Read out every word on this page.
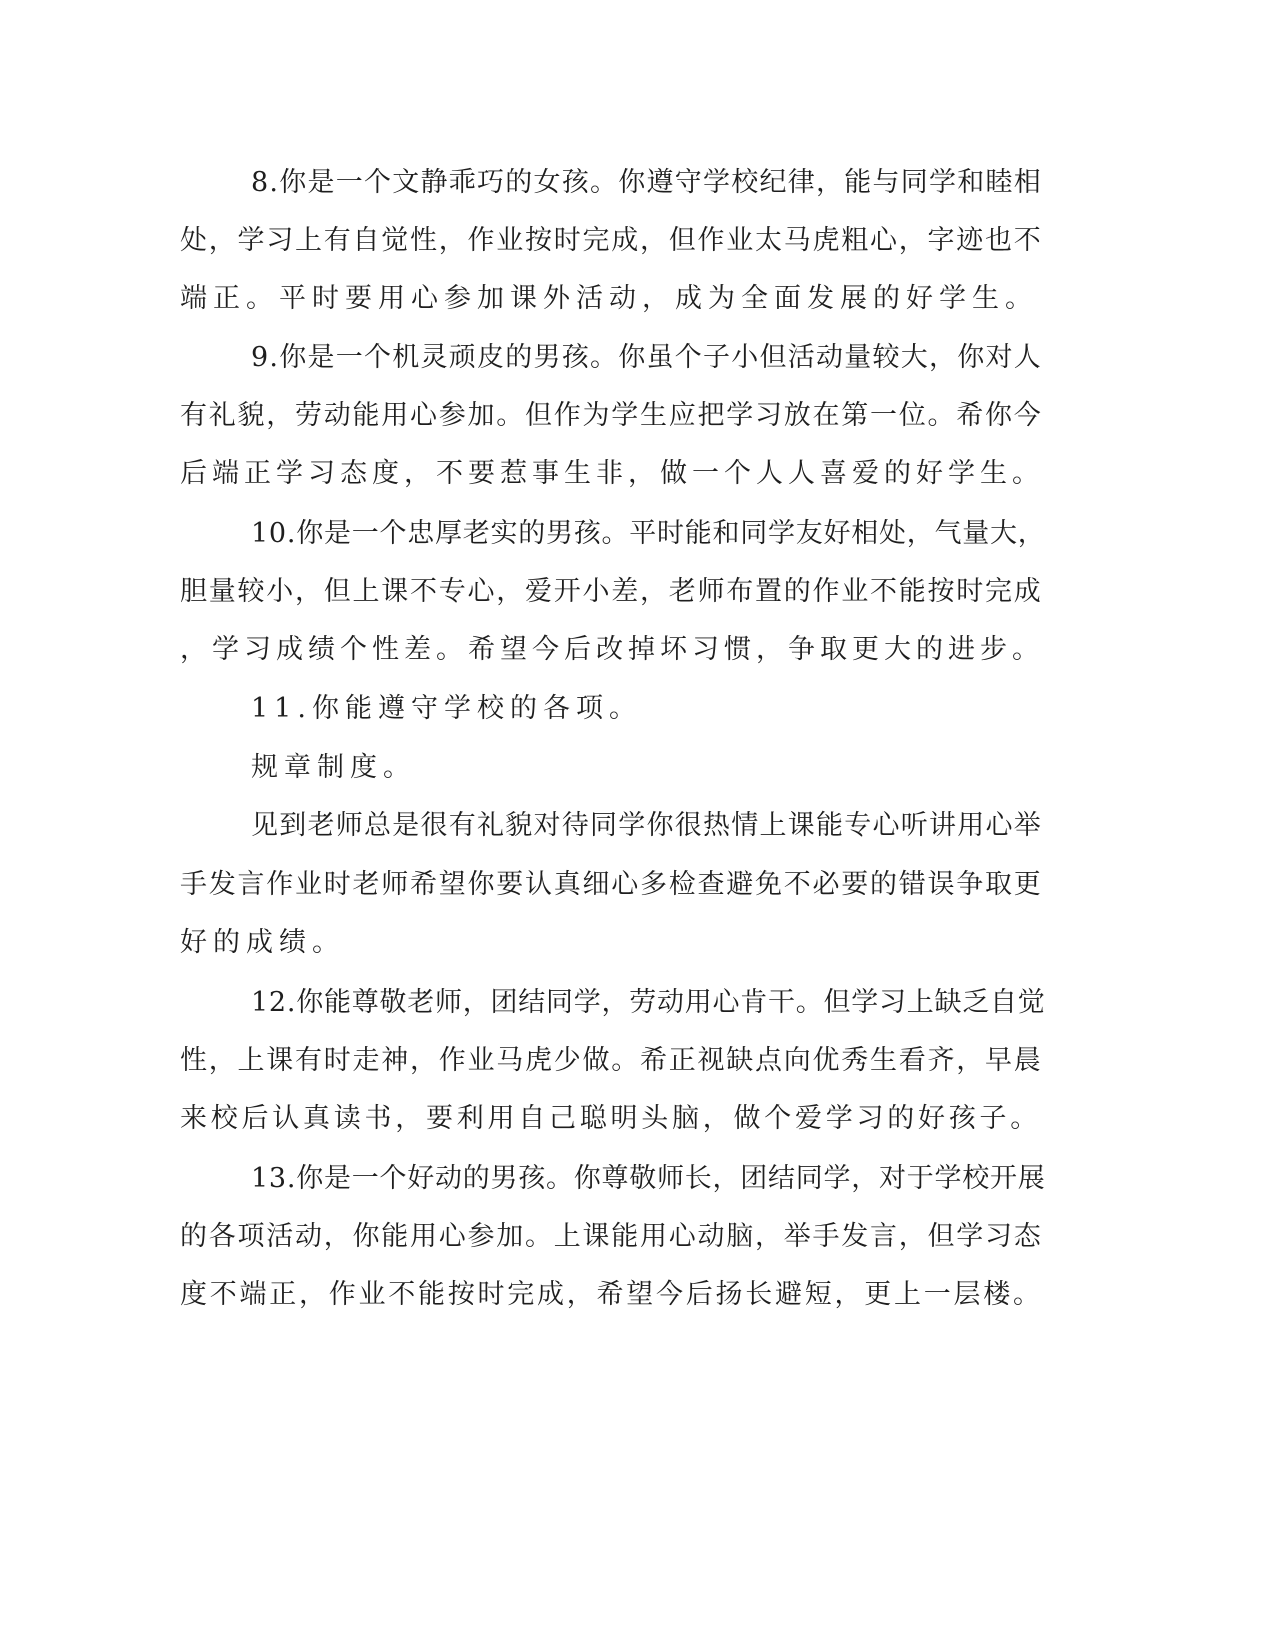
8.你是一个文静乖巧的女孩。你遵守学校纪律，能与同学和睦相

处，学习上有自觉性，作业按时完成，但作业太马虎粗心，字迹也不

端正。平时要用心参加课外活动，成为全面发展的好学生。

9.你是一个机灵顽皮的男孩。你虽个子小但活动量较大，你对人

有礼貌，劳动能用心参加。但作为学生应把学习放在第一位。希你今

后端正学习态度，不要惹事生非，做一个人人喜爱的好学生。

10.你是一个忠厚老实的男孩。平时能和同学友好相处，气量大，

胆量较小，但上课不专心，爱开小差，老师布置的作业不能按时完成

，学习成绩个性差。希望今后改掉坏习惯，争取更大的进步。

11.你能遵守学校的各项。

规章制度。

见到老师总是很有礼貌对待同学你很热情上课能专心听讲用心举

手发言作业时老师希望你要认真细心多检查避免不必要的错误争取更

好的成绩。

12.你能尊敬老师，团结同学，劳动用心肯干。但学习上缺乏自觉

性，上课有时走神，作业马虎少做。希正视缺点向优秀生看齐，早晨

来校后认真读书，要利用自己聪明头脑，做个爱学习的好孩子。

13.你是一个好动的男孩。你尊敬师长，团结同学，对于学校开展

的各项活动，你能用心参加。上课能用心动脑，举手发言，但学习态

度不端正，作业不能按时完成，希望今后扬长避短，更上一层楼。
